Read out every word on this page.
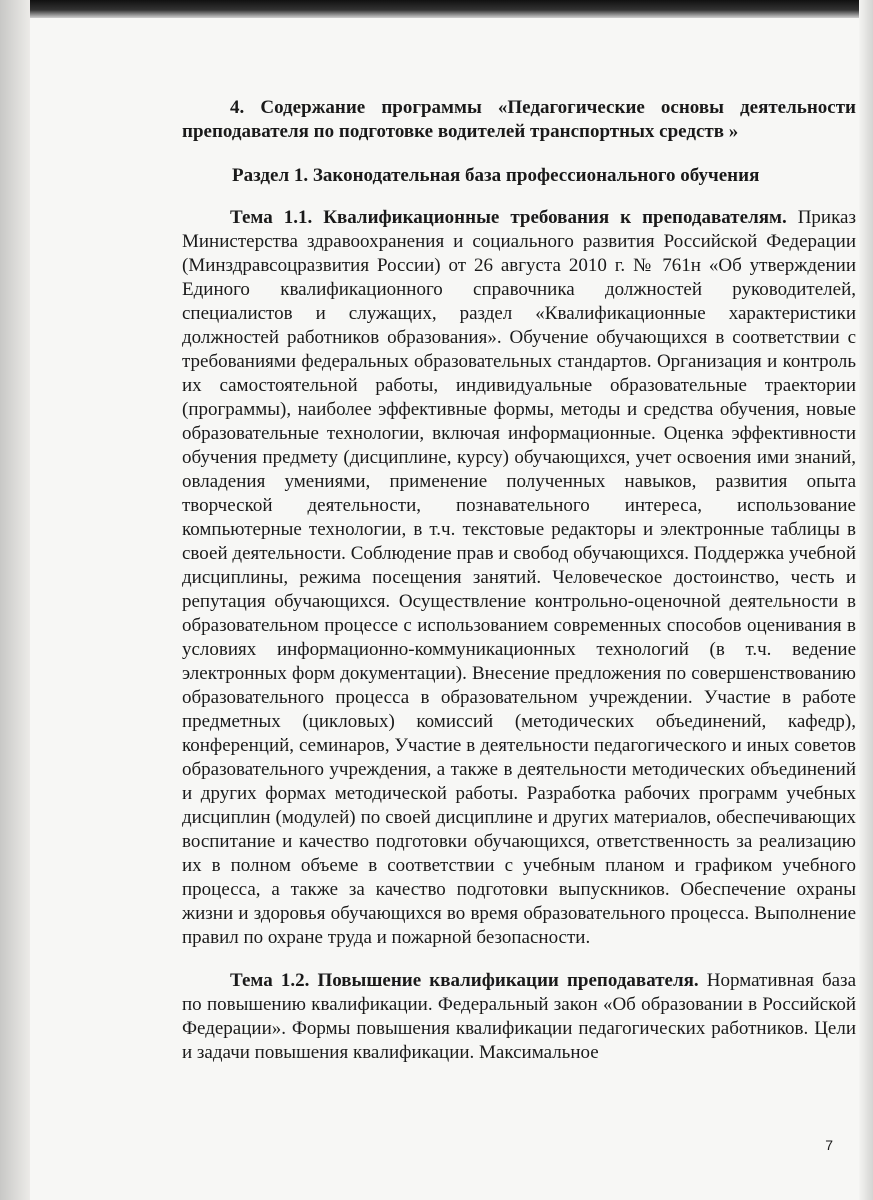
4. Содержание программы «Педагогические основы деятельности преподавателя по подготовке водителей транспортных средств »

Раздел 1. Законодательная база профессионального обучения

Тема 1.1. Квалификационные требования к преподавателям. Приказ Министерства здравоохранения и социального развития Российской Федерации (Минздравсоцразвития России) от 26 августа 2010 г. № 761н «Об утверждении Единого квалификационного справочника должностей руководителей, специалистов и служащих, раздел «Квалификационные характеристики должностей работников образования». Обучение обучающихся в соответствии с требованиями федеральных образовательных стандартов. Организация и контроль их самостоятельной работы, индивидуальные образовательные траектории (программы), наиболее эффективные формы, методы и средства обучения, новые образовательные технологии, включая информационные. Оценка эффективности обучения предмету (дисциплине, курсу) обучающихся, учет освоения ими знаний, овладения умениями, применение полученных навыков, развития опыта творческой деятельности, познавательного интереса, использование компьютерные технологии, в т.ч. текстовые редакторы и электронные таблицы в своей деятельности. Соблюдение прав и свобод обучающихся. Поддержка учебной дисциплины, режима посещения занятий. Человеческое достоинство, честь и репутация обучающихся. Осуществление контрольно-оценочной деятельности в образовательном процессе с использованием современных способов оценивания в условиях информационно-коммуникационных технологий (в т.ч. ведение электронных форм документации). Внесение предложения по совершенствованию образовательного процесса в образовательном учреждении. Участие в работе предметных (цикловых) комиссий (методических объединений, кафедр), конференций, семинаров, Участие в деятельности педагогического и иных советов образовательного учреждения, а также в деятельности методических объединений и других формах методической работы. Разработка рабочих программ учебных дисциплин (модулей) по своей дисциплине и других материалов, обеспечивающих воспитание и качество подготовки обучающихся, ответственность за реализацию их в полном объеме в соответствии с учебным планом и графиком учебного процесса, а также за качество подготовки выпускников. Обеспечение охраны жизни и здоровья обучающихся во время образовательного процесса. Выполнение правил по охране труда и пожарной безопасности.

Тема 1.2. Повышение квалификации преподавателя. Нормативная база по повышению квалификации. Федеральный закон «Об образовании в Российской Федерации». Формы повышения квалификации педагогических работников. Цели и задачи повышения квалификации. Максимальное

7
